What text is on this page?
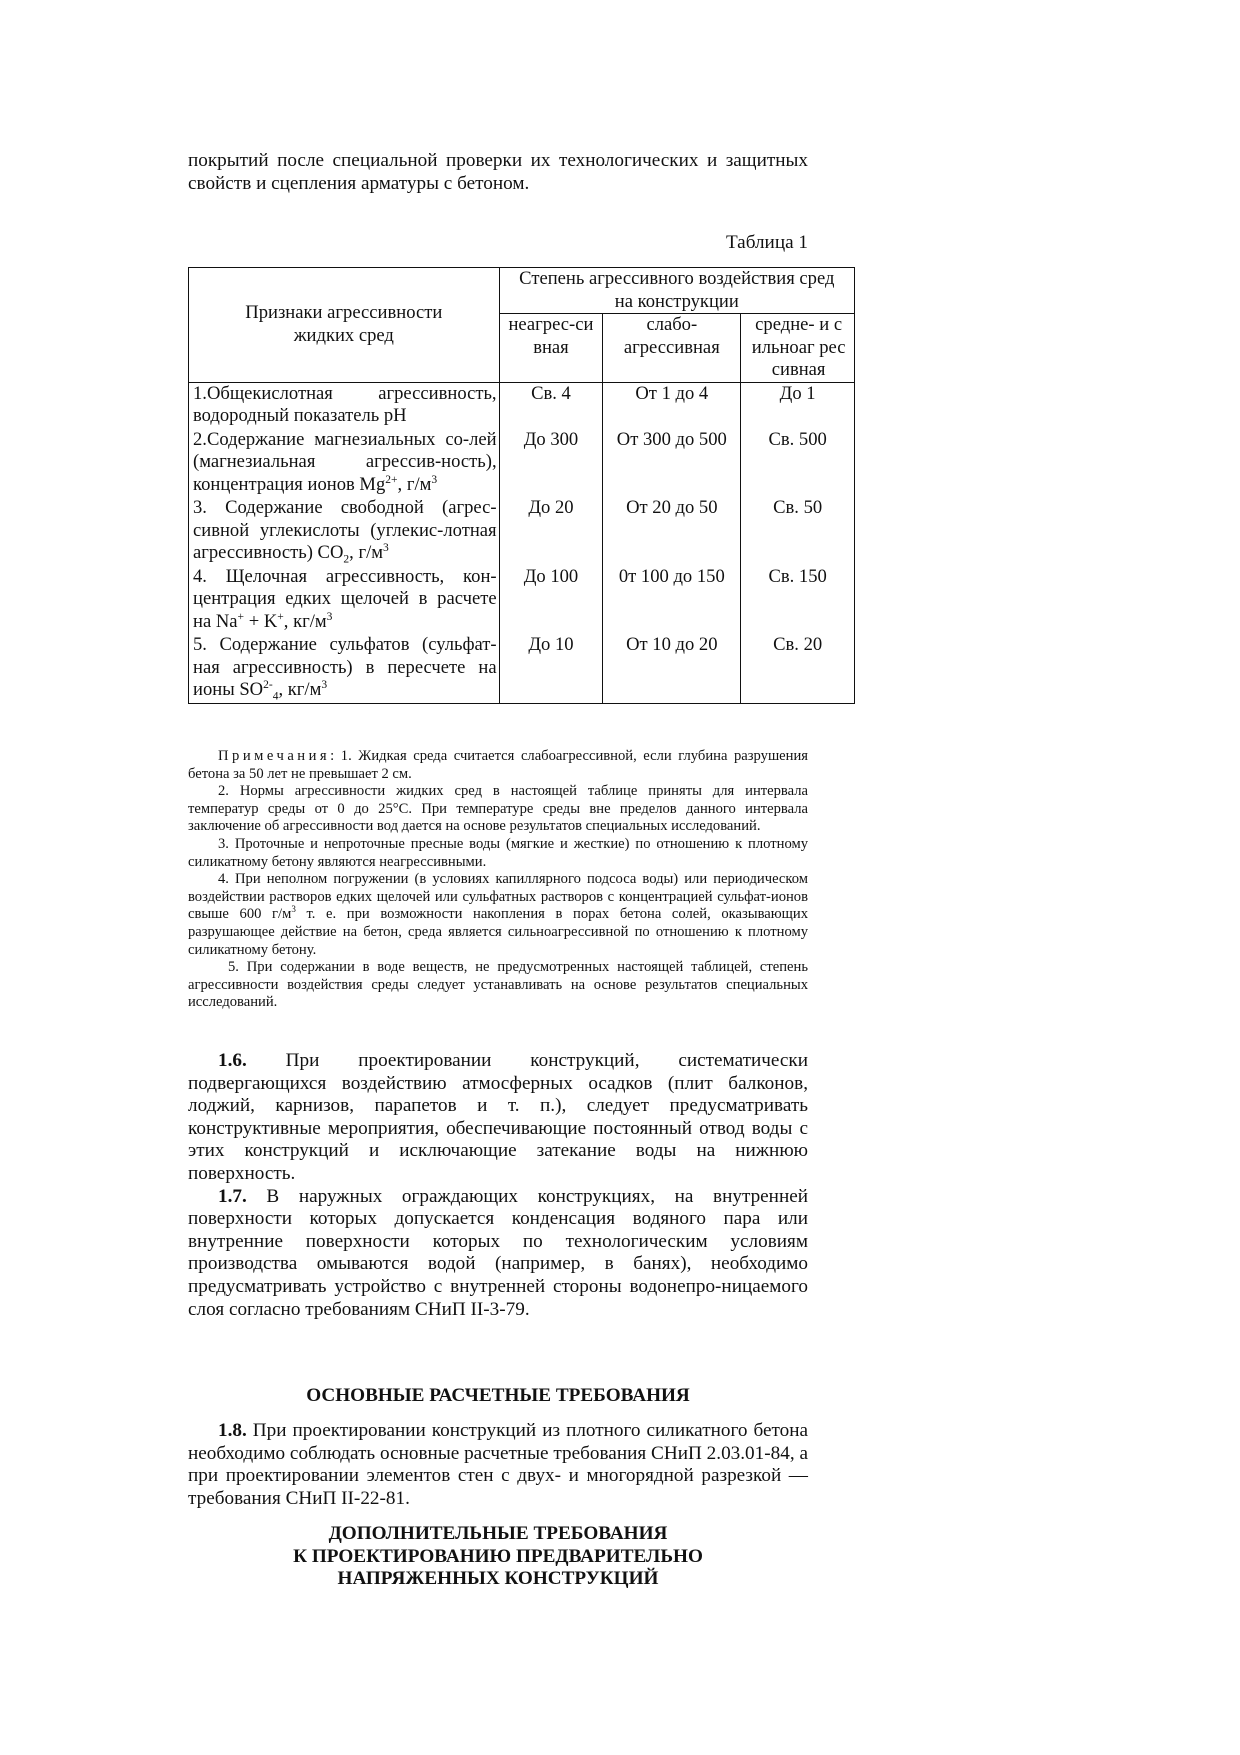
покрытий после специальной проверки их технологических и защитных свойств и сцепления арматуры с бетоном.

Таблица 1
Признаки агрессивности жидких сред	Степень агрессивного воздействия сред на конструкции		

	неагрес-сивная	слабо-агрессивная	средне- и сильноаг рессивная

1.Общекислотная агрессивность, водородный показатель pH	Св. 4	От 1 до 4	До 1
2.Содержание магнезиальных со-лей (магнезиальная агрессив-ность), концентрация ионов $Mg^{2+}$, $г/м^3$	До 300	От 300 до 500	Св. 500
3. Содержание свободной (агрес-сивной углекислоты (углекис-лотная агрессивность) $CO_2$, $г/м^3$	До 20	От 20 до 50	Св. 50
4. Щелочная агрессивность, кон-центрация едких щелочей в расчете на Na+ + K+, $кг/м^3$	До 100	0т 100 до 150	Св. 150
5. Содержание сульфатов (сульфат-ная агрессивность) в пересчете на ионы $SO^{2-}_4$, $кг/м^3$	До 10	От 10 до 20	Св. 20

Примечания: 1. Жидкая среда считается слабоагрессивной, если глубина разрушения бетона за 50 лет не превышает 2 см.

2. Нормы агрессивности жидких сред в настоящей таблице приняты для интервала температур среды от 0 до 25°С. При температуре среды вне пределов данного интервала заключение об агрессивности вод дается на основе результатов специальных исследований.

3. Проточные и непроточные пресные воды (мягкие и жесткие) по отношению к плотному силикатному бетону являются неагрессивными.

4. При неполном погружении (в условиях капиллярного подсоса воды) или периодическом воздействии растворов едких щелочей или сульфатных растворов с концентрацией сульфат-ионов свыше 600 $г/м^3$ т. е. при возможности накопления в порах бетона солей, оказывающих разрушающее действие на бетон, среда является сильноагрессивной по отношению к плотному силикатному бетону.

5. При содержании в воде веществ, не предусмотренных настоящей таблицей, степень агрессивности воздействия среды следует устанавливать на основе результатов специальных исследований.

1.6. При проектировании конструкций, систематически подвергающихся воздействию атмосферных осадков (плит балконов, лоджий, карнизов, парапетов и т. п.), следует предусматривать конструктивные мероприятия, обеспечивающие постоянный отвод воды с этих конструкций и исключающие затекание воды на нижнюю поверхность.

1.7. В наружных ограждающих конструкциях, на внутренней поверхности которых допускается конденсация водяного пара или внутренние поверхности которых по технологическим условиям производства омываются водой (например, в банях), необходимо предусматривать устройство с внутренней стороны водонепро-ницаемого слоя согласно требованиям СНиП II-3-79.

ОСНОВНЫЕ РАСЧЕТНЫЕ ТРЕБОВАНИЯ

1.8. При проектировании конструкций из плотного силикатного бетона необходимо соблюдать основные расчетные требования СНиП 2.03.01-84, а при проектировании элементов стен с двух- и многорядной разрезкой — требования СНиП II-22-81.

ДОПОЛНИТЕЛЬНЫЕ ТРЕБОВАНИЯ
К ПРОЕКТИРОВАНИЮ ПРЕДВАРИТЕЛЬНО
НАПРЯЖЕННЫХ КОНСТРУКЦИЙ
